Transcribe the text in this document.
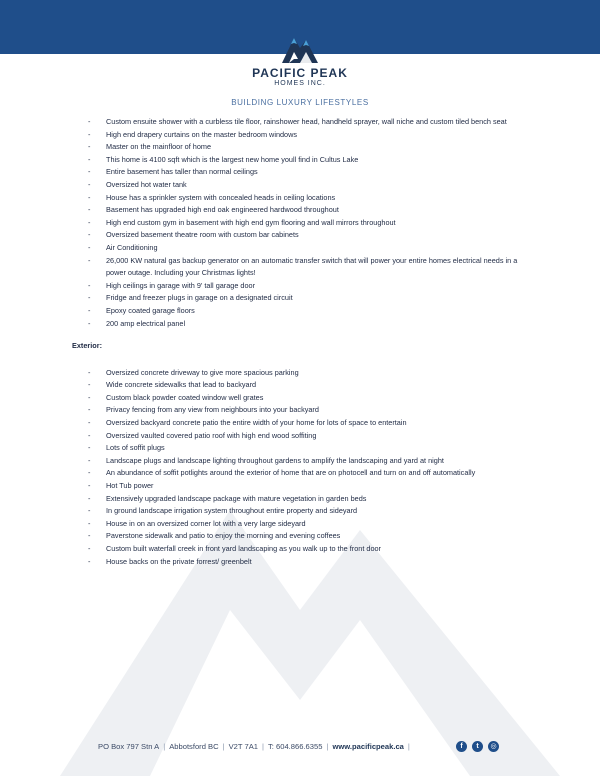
PACIFIC PEAK
HOMES INC.
BUILDING LUXURY LIFESTYLES
- Custom ensuite shower with a curbless tile floor, rainshower head, handheld sprayer, wall niche and custom tiled bench seat
- High end drapery curtains on the master bedroom windows
- Master on the mainfloor of home
- This home is 4100 sqft which is the largest new home youll find in Cultus Lake
- Entire basement has taller than normal ceilings
- Oversized hot water tank
- House has a sprinkler system with concealed heads in ceiling locations
- Basement has upgraded high end oak engineered hardwood throughout
- High end custom gym in basement with high end gym flooring and wall mirrors throughout
- Oversized basement theatre room with custom bar cabinets
- Air Conditioning
- 26,000 KW natural gas backup generator on an automatic transfer switch that will power your entire homes electrical needs in a power outage. Including your Christmas lights!
- High ceilings in garage with 9' tall garage door
- Fridge and freezer plugs in garage on a designated circuit
- Epoxy coated garage floors
- 200 amp electrical panel
Exterior:
- Oversized concrete driveway to give more spacious parking
- Wide concrete sidewalks that lead to backyard
- Custom black powder coated window well grates
- Privacy fencing from any view from neighbours into your backyard
- Oversized backyard concrete patio the entire width of your home for lots of space to entertain
- Oversized vaulted covered patio roof with high end wood soffiting
- Lots of soffit plugs
- Landscape plugs and landscape lighting throughout gardens to amplify the landscaping and yard at night
- An abundance of soffit potlights around the exterior of home that are on photocell and turn on and off automatically
- Hot Tub power
- Extensively upgraded landscape package with mature vegetation in garden beds
- In ground landscape irrigation system throughout entire property and sideyard
- House in on an oversized corner lot with a very large sideyard
- Paverstone sidewalk and patio to enjoy the morning and evening coffees
- Custom built waterfall creek in front yard landscaping as you walk up to the front door
- House backs on the private forrest/ greenbelt
PO Box 797 Stn A | Abbotsford BC | V2T 7A1 | T: 604.866.6355 | www.pacificpeak.ca |	f	t	◎
